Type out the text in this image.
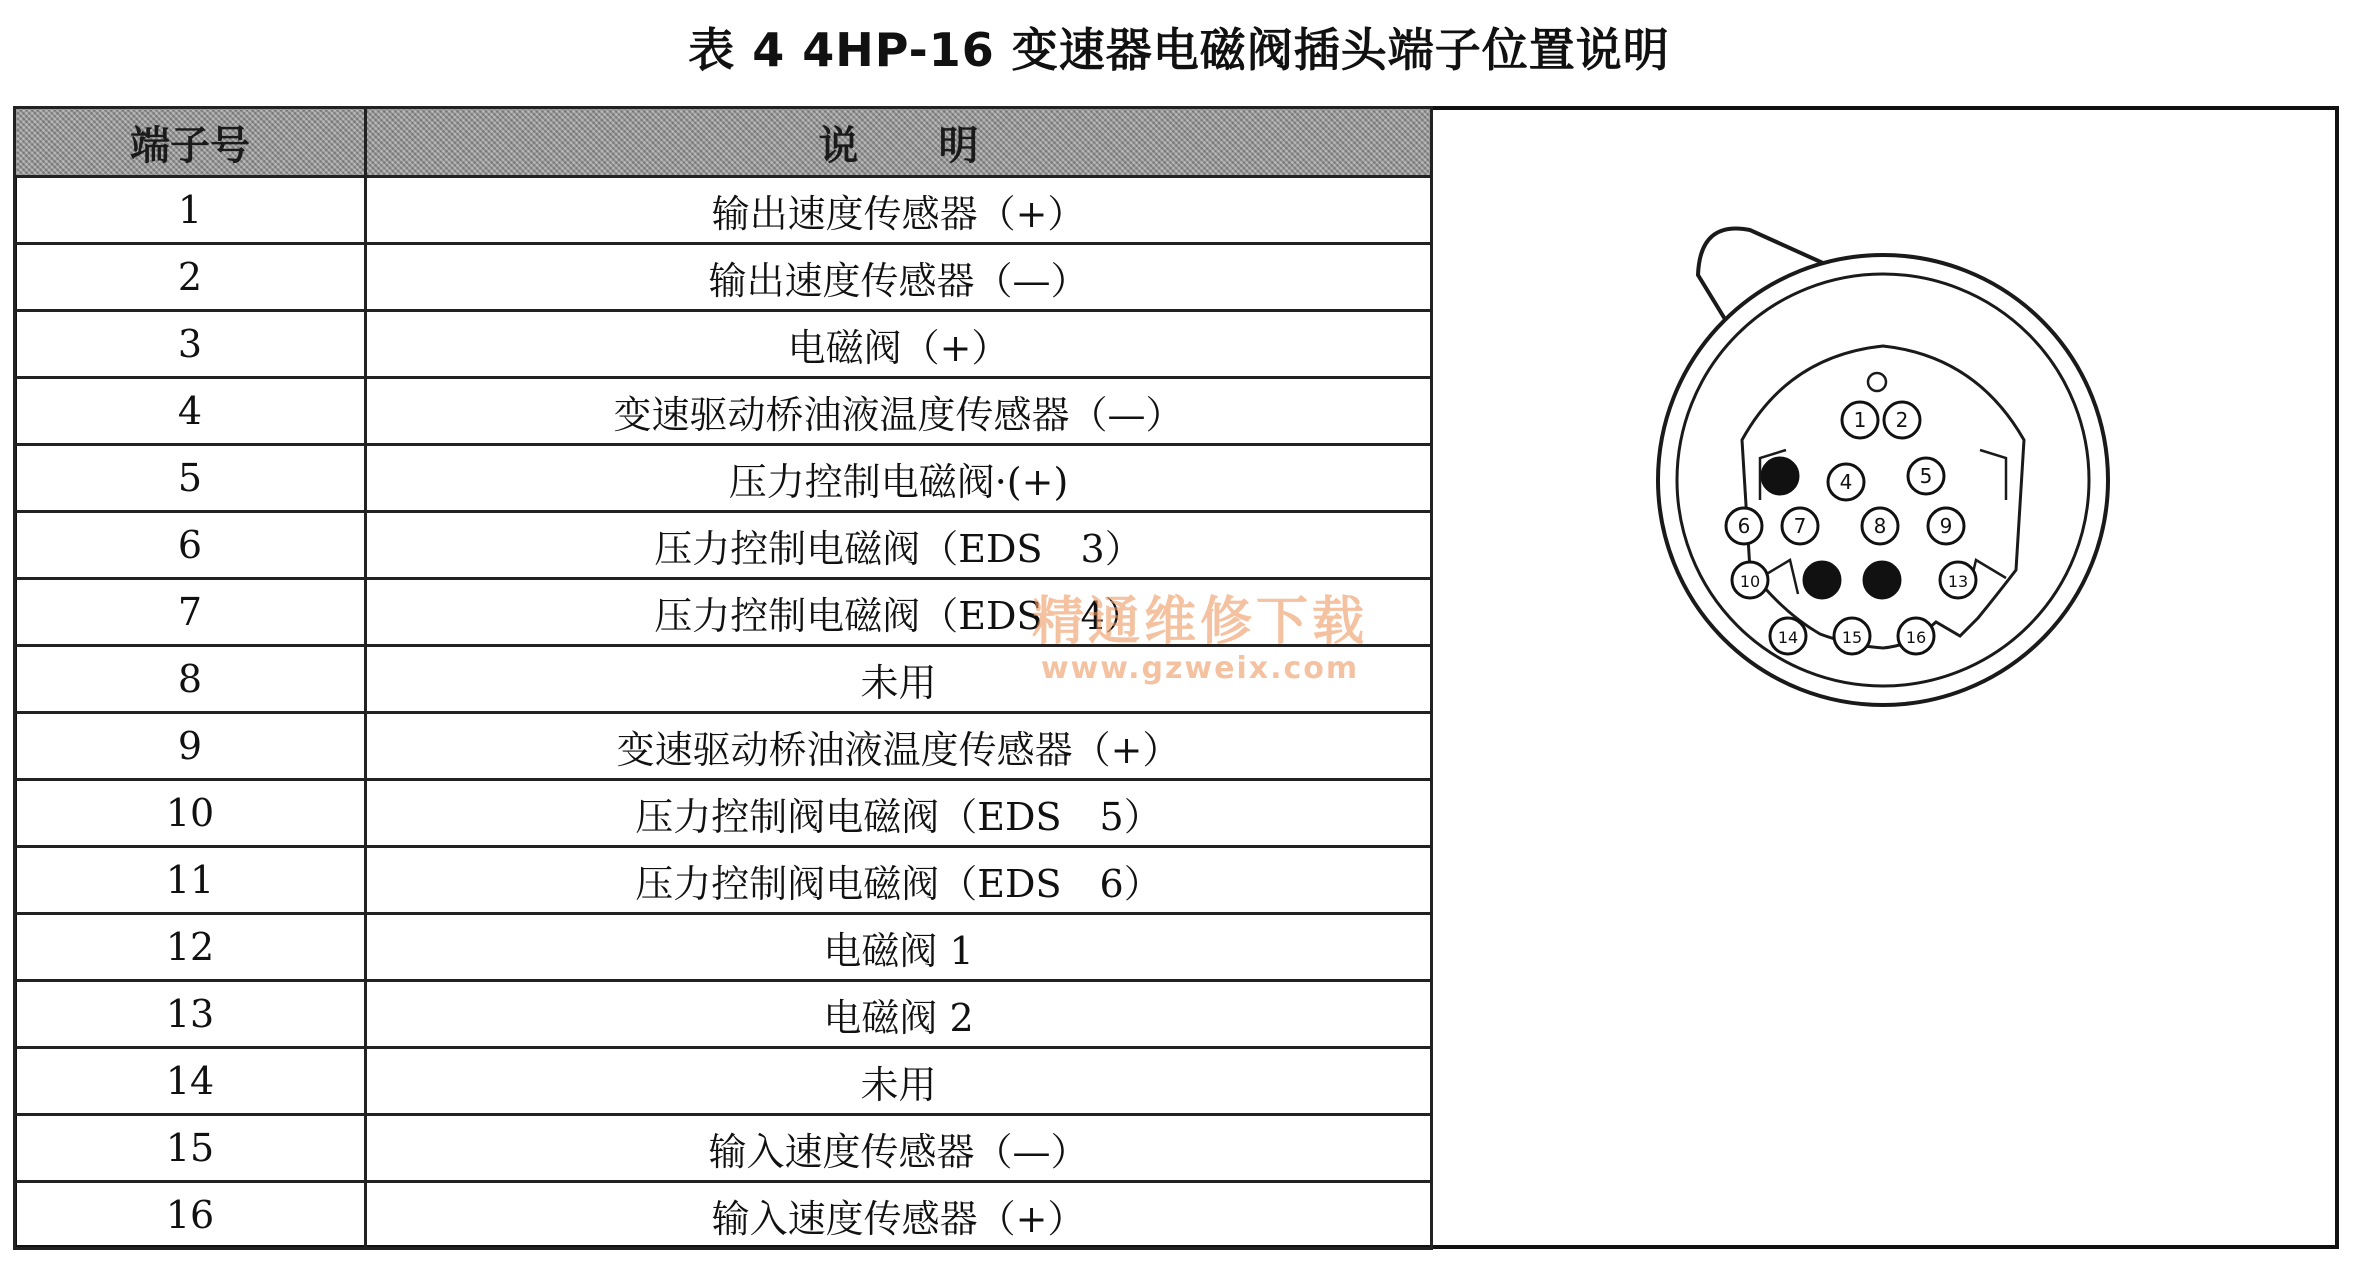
表 4 4HP-16 变速器电磁阀插头端子位置说明
端子号	说　　明
1	输出速度传感器（+）
2	输出速度传感器（—）
3	电磁阀（+）
4	变速驱动桥油液温度传感器（—）
5	压力控制电磁阀·(+)
6	压力控制电磁阀（EDS　3）
7	压力控制电磁阀（EDS　4）
8	未用
9	变速驱动桥油液温度传感器（+）
10	压力控制阀电磁阀（EDS　5）
11	压力控制阀电磁阀（EDS　6）
12	电磁阀 1
13	电磁阀 2
14	未用
15	输入速度传感器（—）
16	输入速度传感器（+）
1 2
4	5
6 7	8	9
10	13
14	15	16
精通维修下载
www.gzweix.com
